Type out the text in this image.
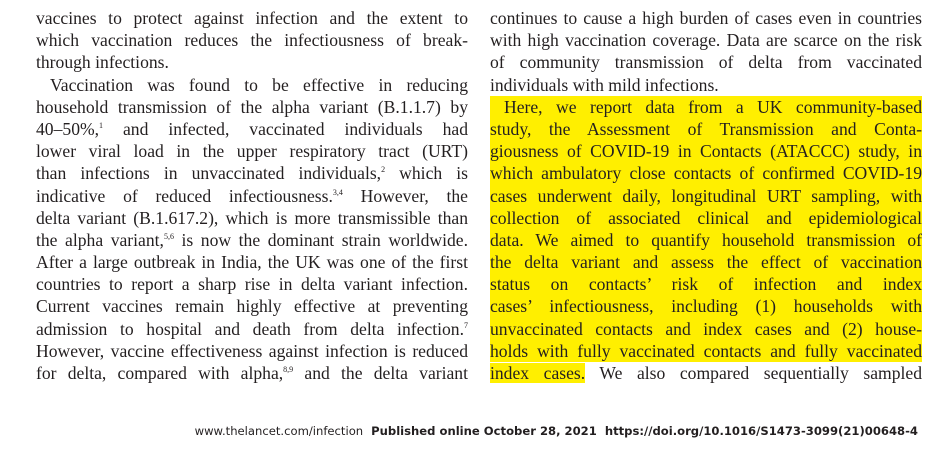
vaccines to protect against infection and the extent to
which vaccination reduces the infectiousness of break-
through infections.
Vaccination was found to be effective in reducing
household transmission of the alpha variant (B.1.1.7) by
40–50%,$^1$ and infected, vaccinated individuals had
lower viral load in the upper respiratory tract (URT)
than infections in unvaccinated individuals,$^2$ which is
indicative of reduced infectiousness.$^{3,4}$ However, the
delta variant (B.1.617.2), which is more transmissible than
the alpha variant,$^{5,6}$ is now the dominant strain worldwide.
After a large outbreak in India, the UK was one of the first
countries to report a sharp rise in delta variant infection.
Current vaccines remain highly effective at preventing
admission to hospital and death from delta infection.$^7$
However, vaccine effectiveness against infection is reduced
for delta, compared with alpha,$^{8,9}$ and the delta variant
continues to cause a high burden of cases even in countries
with high vaccination coverage. Data are scarce on the risk
of community transmission of delta from vaccinated
individuals with mild infections.
Here, we report data from a UK community-based
study, the Assessment of Transmission and Conta-
giousness of COVID-19 in Contacts (ATACCC) study, in
which ambulatory close contacts of confirmed COVID-19
cases underwent daily, longitudinal URT sampling, with
collection of associated clinical and epidemiological
data. We aimed to quantify household transmission of
the delta variant and assess the effect of vaccination
status on contacts’ risk of infection and index
cases’ infectiousness, including (1) households with
unvaccinated contacts and index cases and (2) house-
holds with fully vaccinated contacts and fully vaccinated
index cases. We also compared sequentially sampled
www.thelancet.com/infection Published online October 28, 2021 https://doi.org/10.1016/S1473-3099(21)00648-4
